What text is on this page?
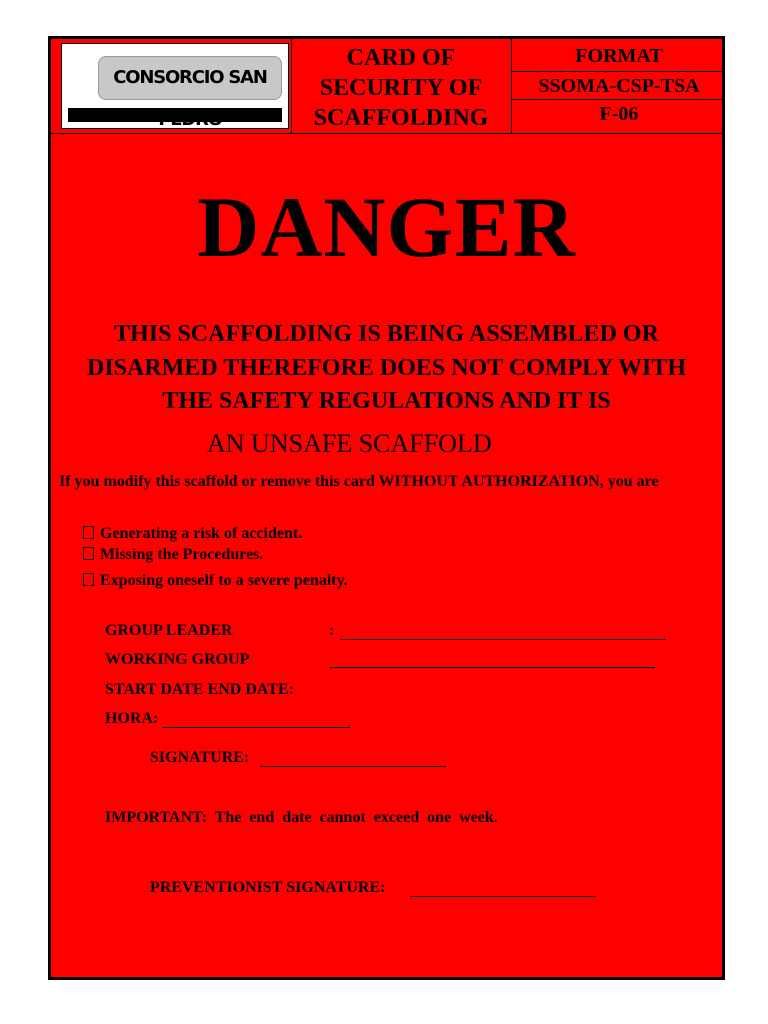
CONSORCIO SAN
CARD OF
SECURITY OF
SCAFFOLDING
FORMAT
SSOMA-CSP-TSA
F-06
DANGER
THIS SCAFFOLDING IS BEING ASSEMBLED OR
DISARMED THEREFORE DOES NOT COMPLY WITH
THE SAFETY REGULATIONS AND IT IS
AN UNSAFE SCAFFOLD
If you modify this scaffold or remove this card WITHOUT AUTHORIZATION, you are
Generating a risk of accident.
Missing the Procedures.
Exposing oneself to a severe penalty.
GROUP LEADER	:
WORKING GROUP
START DATE END DATE:
HORA:
SIGNATURE:
IMPORTANT:  The  end  date  cannot  exceed  one  week.
PREVENTIONIST SIGNATURE:
